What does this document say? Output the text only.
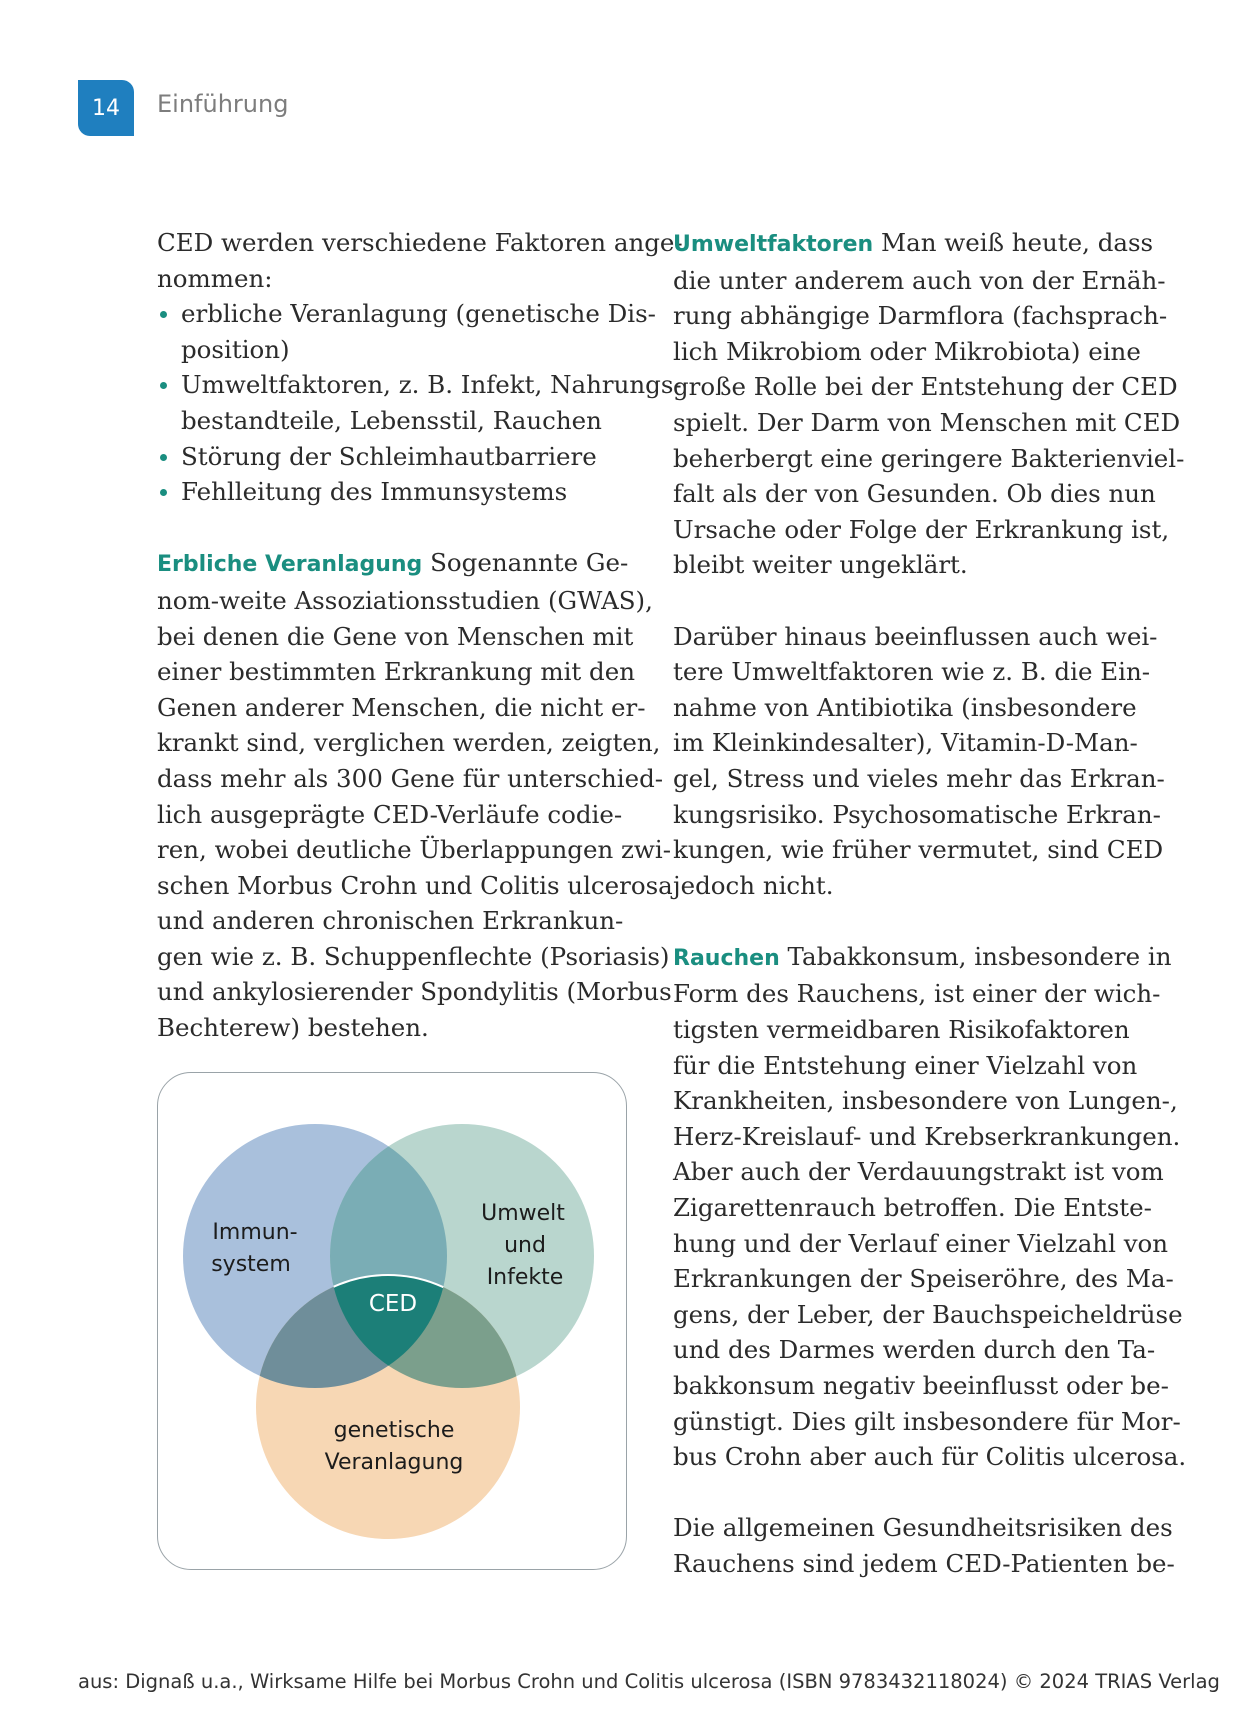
14 Einführung
CED werden verschiedene Faktoren ange-
nommen:
erbliche Veranlagung (genetische Dis-
position)
Umweltfaktoren, z. B. Infekt, Nahrungs-
bestandteile, Lebensstil, Rauchen
Störung der Schleimhautbarriere
Fehlleitung des Immunsystems
Erbliche Veranlagung Sogenannte Ge-
nom-weite Assoziationsstudien (GWAS),
bei denen die Gene von Menschen mit
einer bestimmten Erkrankung mit den
Genen anderer Menschen, die nicht er-
krankt sind, verglichen werden, zeigten,
dass mehr als 300 Gene für unterschied-
lich ausgeprägte CED-Verläufe codie-
ren, wobei deutliche Überlappungen zwi-
schen Morbus Crohn und Colitis ulcerosa
und anderen chronischen Erkrankun-
gen wie z. B. Schuppenflechte (Psoriasis)
und ankylosierender Spondylitis (Morbus
Bechterew) bestehen.
Immun-
system
Umwelt
und
Infekte
genetische
Veranlagung
CED
Umweltfaktoren Man weiß heute, dass
die unter anderem auch von der Ernäh-
rung abhängige Darmflora (fachsprach-
lich Mikrobiom oder Mikrobiota) eine
große Rolle bei der Entstehung der CED
spielt. Der Darm von Menschen mit CED
beherbergt eine geringere Bakterienviel-
falt als der von Gesunden. Ob dies nun
Ursache oder Folge der Erkrankung ist,
bleibt weiter ungeklärt.
Darüber hinaus beeinflussen auch wei-
tere Umweltfaktoren wie z. B. die Ein-
nahme von Antibiotika (insbesondere
im Kleinkindesalter), Vitamin-D-Man-
gel, Stress und vieles mehr das Erkran-
kungsrisiko. Psychosomatische Erkran-
kungen, wie früher vermutet, sind CED
jedoch nicht.
Rauchen Tabakkonsum, insbesondere in
Form des Rauchens, ist einer der wich-
tigsten vermeidbaren Risikofaktoren
für die Entstehung einer Vielzahl von
Krankheiten, insbesondere von Lungen-,
Herz-Kreislauf- und Krebserkrankungen.
Aber auch der Verdauungstrakt ist vom
Zigarettenrauch betroffen. Die Entste-
hung und der Verlauf einer Vielzahl von
Erkrankungen der Speiseröhre, des Ma-
gens, der Leber, der Bauchspeicheldrüse
und des Darmes werden durch den Ta-
bakkonsum negativ beeinflusst oder be-
günstigt. Dies gilt insbesondere für Mor-
bus Crohn aber auch für Colitis ulcerosa.
Die allgemeinen Gesundheitsrisiken des
Rauchens sind jedem CED-Patienten be-
aus: Dignaß u.a., Wirksame Hilfe bei Morbus Crohn und Colitis ulcerosa (ISBN 9783432118024) © 2024 TRIAS Verlag
